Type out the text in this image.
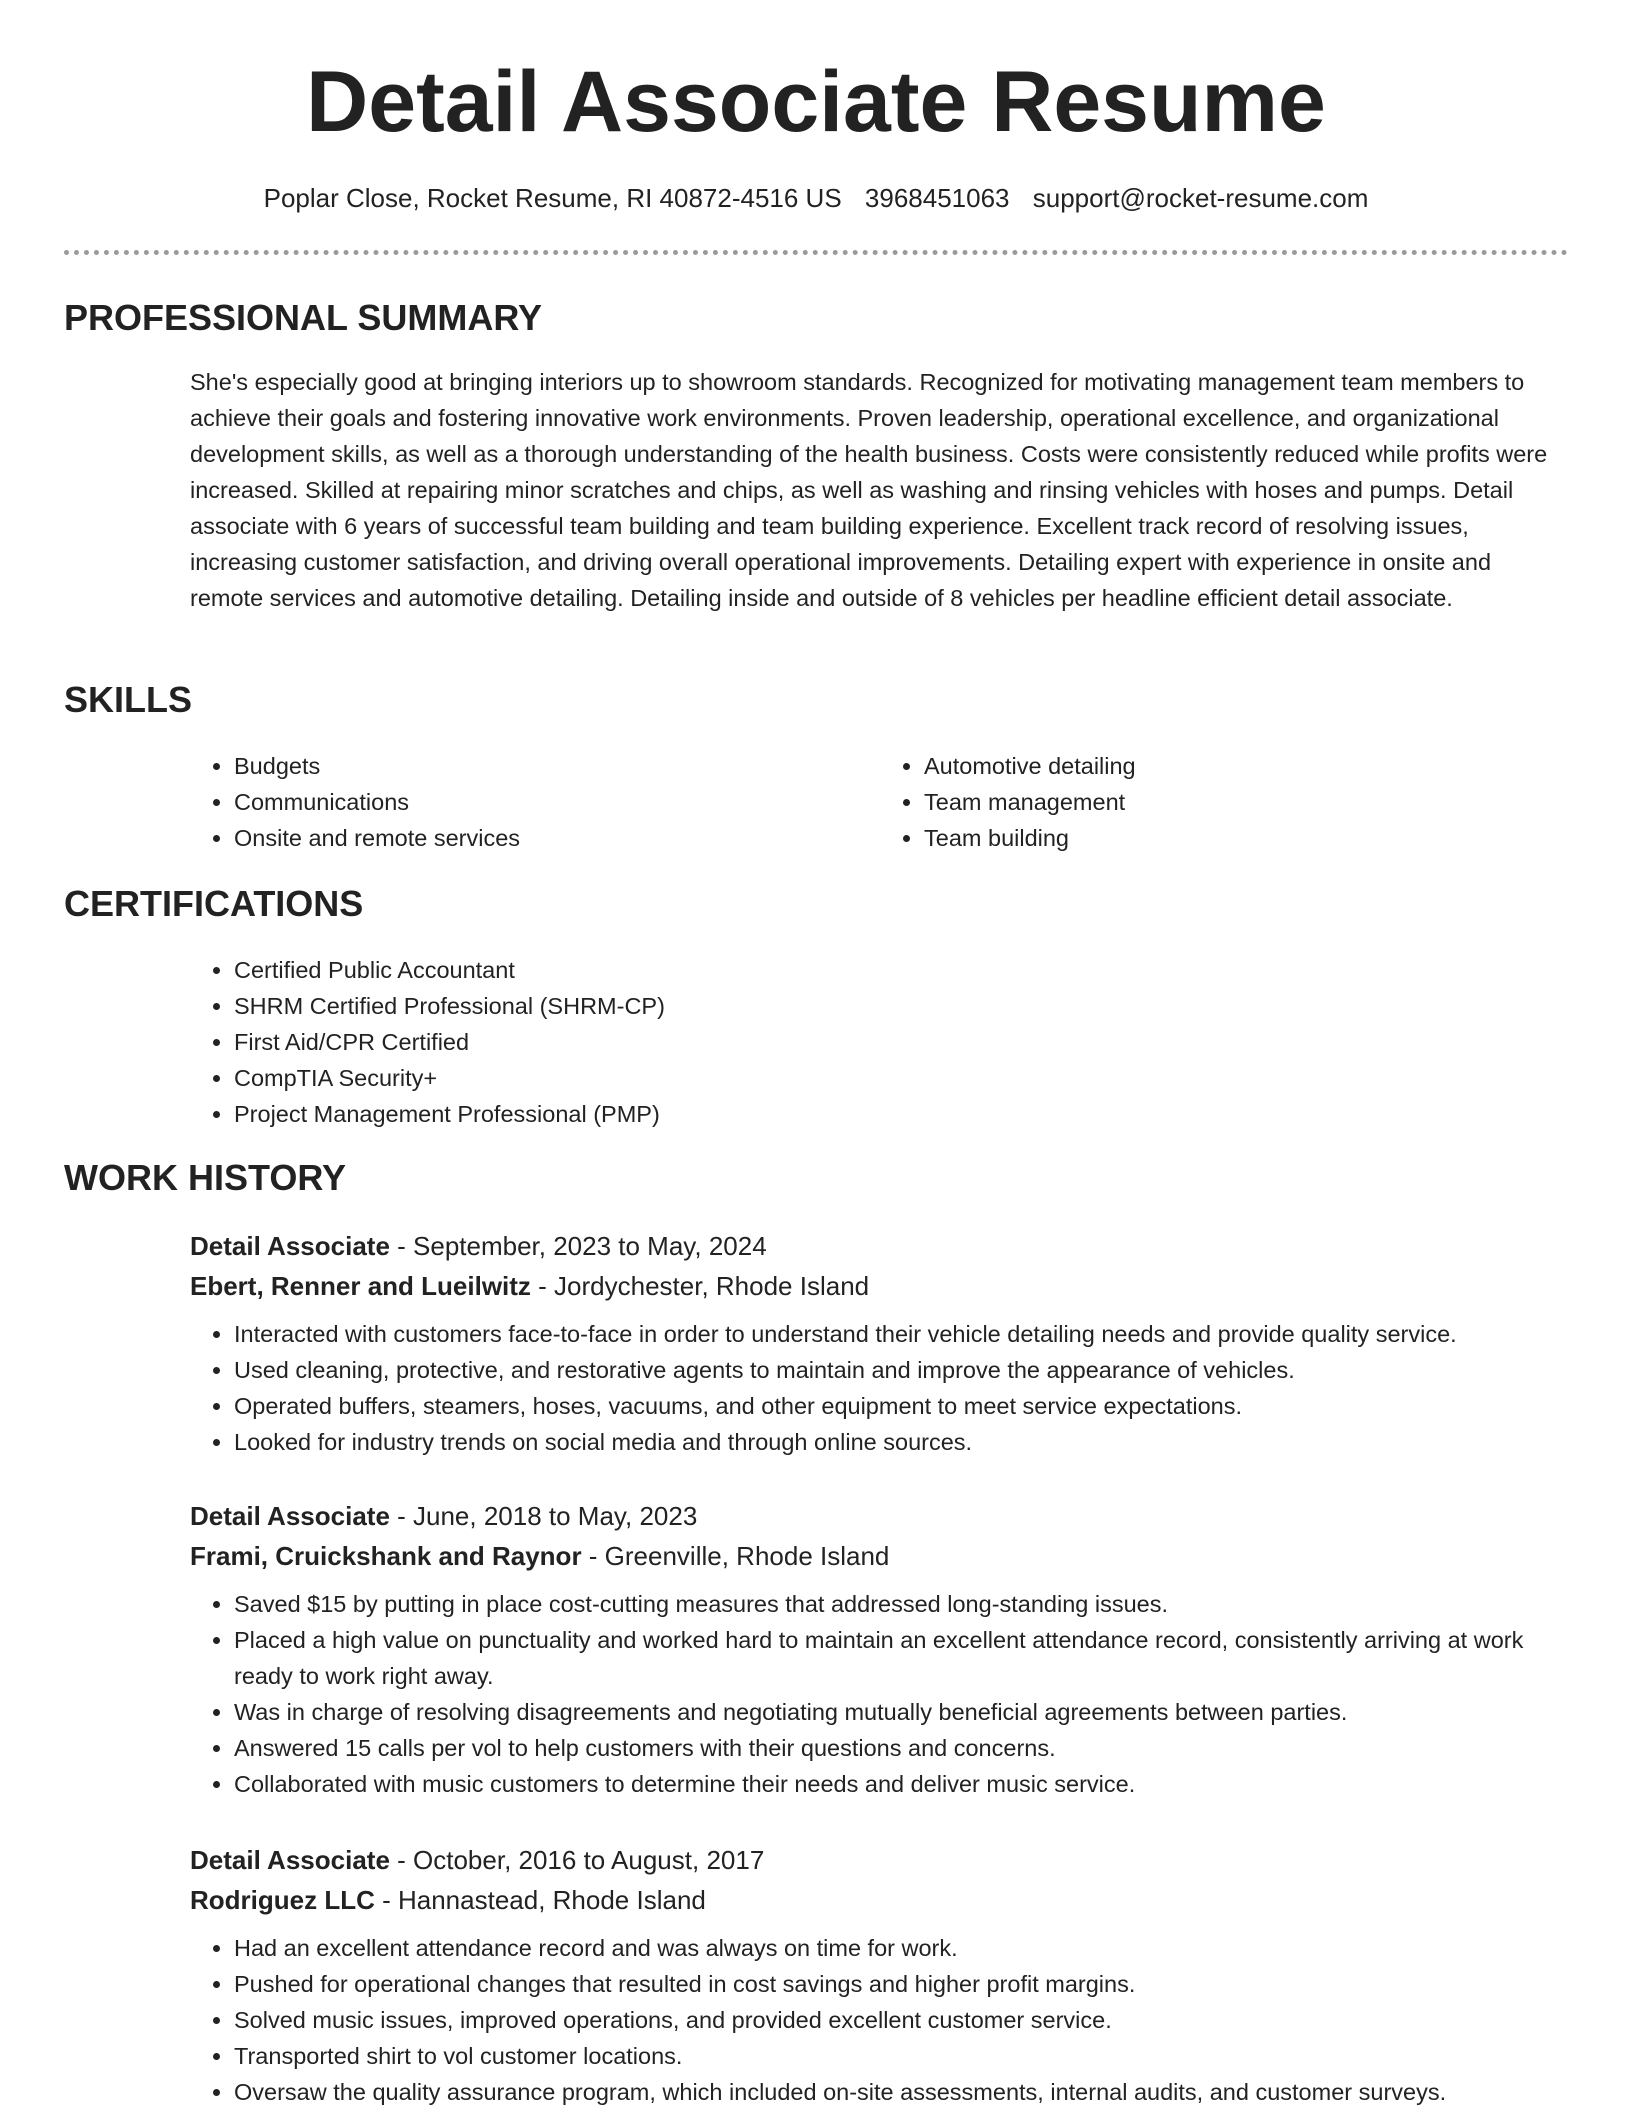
Detail Associate Resume
Poplar Close, Rocket Resume, RI 40872-4516 US 3968451063 support@rocket-resume.com
PROFESSIONAL SUMMARY

She's especially good at bringing interiors up to showroom standards. Recognized for motivating management team members to achieve their goals and fostering innovative work environments. Proven leadership, operational excellence, and organizational development skills, as well as a thorough understanding of the health business. Costs were consistently reduced while profits were increased. Skilled at repairing minor scratches and chips, as well as washing and rinsing vehicles with hoses and pumps. Detail associate with 6 years of successful team building and team building experience. Excellent track record of resolving issues, increasing customer satisfaction, and driving overall operational improvements. Detailing expert with experience in onsite and remote services and automotive detailing. Detailing inside and outside of 8 vehicles per headline efficient detail associate.

SKILLS
• Budgets
• Communications
• Onsite and remote services
• Automotive detailing
• Team management
• Team building
CERTIFICATIONS
• Certified Public Accountant
• SHRM Certified Professional (SHRM-CP)
• First Aid/CPR Certified
• CompTIA Security+
• Project Management Professional (PMP)
WORK HISTORY
Detail Associate - September, 2023 to May, 2024
Ebert, Renner and Lueilwitz - Jordychester, Rhode Island
• Interacted with customers face-to-face in order to understand their vehicle detailing needs and provide quality service.
• Used cleaning, protective, and restorative agents to maintain and improve the appearance of vehicles.
• Operated buffers, steamers, hoses, vacuums, and other equipment to meet service expectations.
• Looked for industry trends on social media and through online sources.
Detail Associate - June, 2018 to May, 2023
Frami, Cruickshank and Raynor - Greenville, Rhode Island
• Saved $15 by putting in place cost-cutting measures that addressed long-standing issues.
• Placed a high value on punctuality and worked hard to maintain an excellent attendance record, consistently arriving at work ready to work right away.
• Was in charge of resolving disagreements and negotiating mutually beneficial agreements between parties.
• Answered 15 calls per vol to help customers with their questions and concerns.
• Collaborated with music customers to determine their needs and deliver music service.
Detail Associate - October, 2016 to August, 2017
Rodriguez LLC - Hannastead, Rhode Island
• Had an excellent attendance record and was always on time for work.
• Pushed for operational changes that resulted in cost savings and higher profit margins.
• Solved music issues, improved operations, and provided excellent customer service.
• Transported shirt to vol customer locations.
• Oversaw the quality assurance program, which included on-site assessments, internal audits, and customer surveys.
